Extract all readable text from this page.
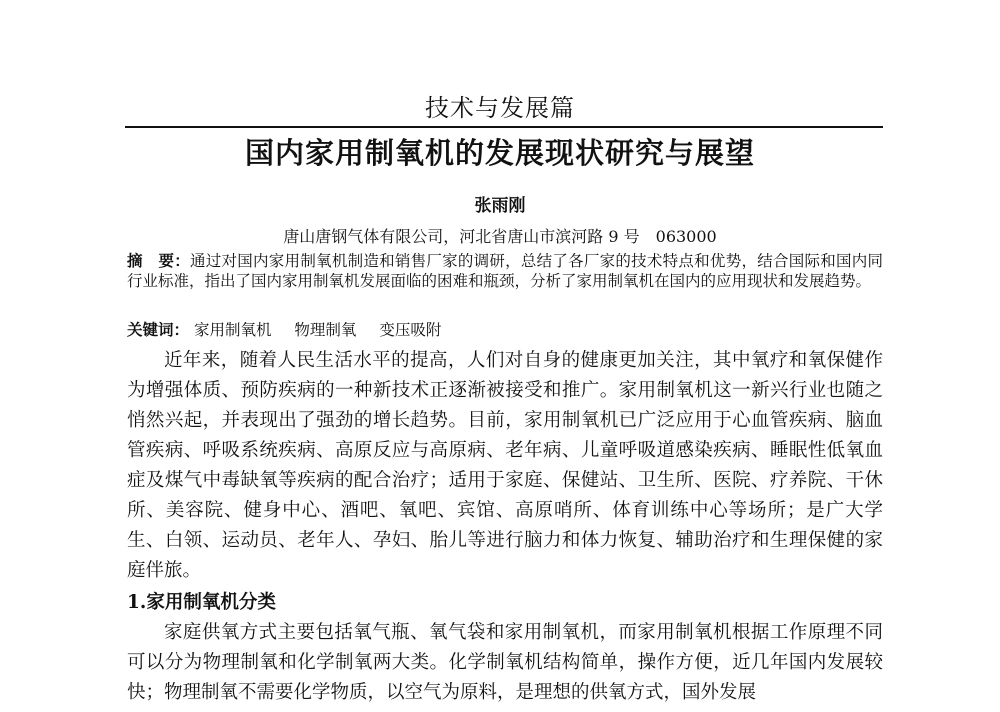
技术与发展篇
国内家用制氧机的发展现状研究与展望
张雨刚
唐山唐钢气体有限公司，河北省唐山市滨河路 9 号　063000
摘　要：通过对国内家用制氧机制造和销售厂家的调研，总结了各厂家的技术特点和优势，结合国际和国内同行业标准，指出了国内家用制氧机发展面临的困难和瓶颈，分析了家用制氧机在国内的应用现状和发展趋势。
关键词： 家用制氧机 物理制氧 变压吸附

近年来，随着人民生活水平的提高，人们对自身的健康更加关注，其中氧疗和氧保健作为增强体质、预防疾病的一种新技术正逐渐被接受和推广。家用制氧机这一新兴行业也随之悄然兴起，并表现出了强劲的增长趋势。目前，家用制氧机已广泛应用于心血管疾病、脑血管疾病、呼吸系统疾病、高原反应与高原病、老年病、儿童呼吸道感染疾病、睡眠性低氧血症及煤气中毒缺氧等疾病的配合治疗；适用于家庭、保健站、卫生所、医院、疗养院、干休所、美容院、健身中心、酒吧、氧吧、宾馆、高原哨所、体育训练中心等场所；是广大学生、白领、运动员、老年人、孕妇、胎儿等进行脑力和体力恢复、辅助治疗和生理保健的家庭伴旅。

1.家用制氧机分类

家庭供氧方式主要包括氧气瓶、氧气袋和家用制氧机，而家用制氧机根据工作原理不同可以分为物理制氧和化学制氧两大类。化学制氧机结构简单，操作方便，近几年国内发展较快；物理制氧不需要化学物质，以空气为原料，是理想的供氧方式，国外发展
